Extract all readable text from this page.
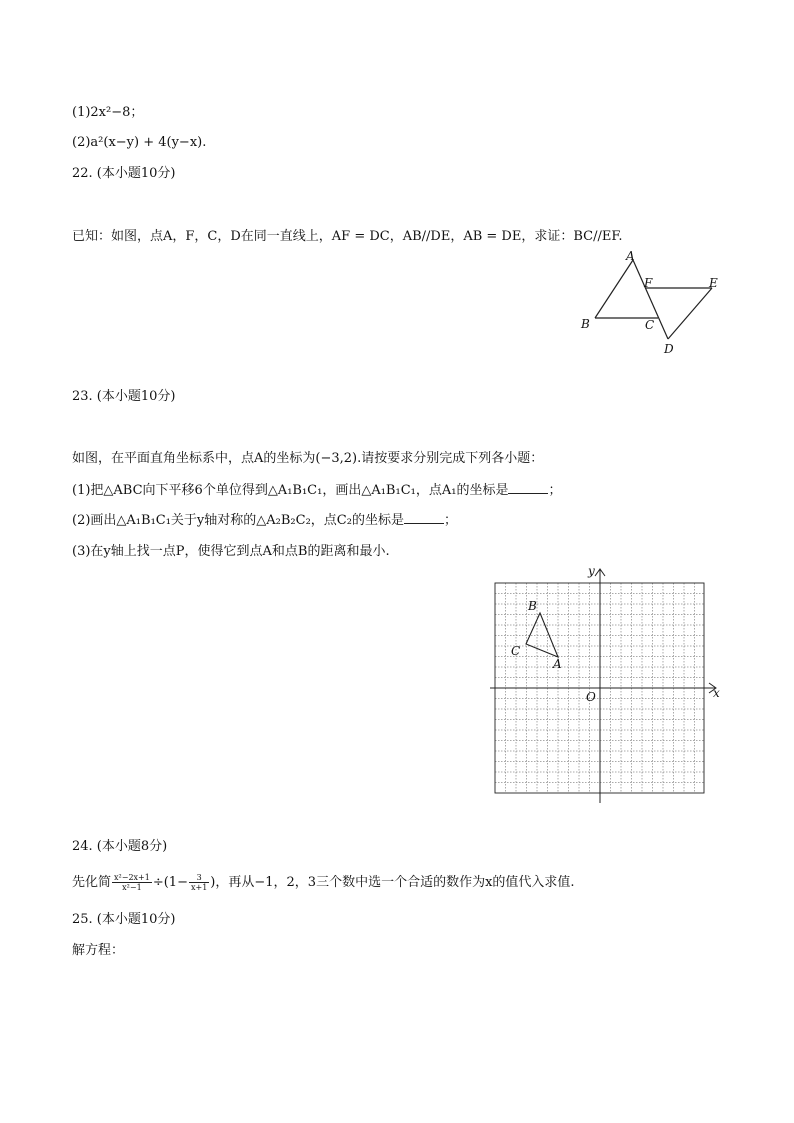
(1)2x²−8；
(2)a²(x−y) + 4(y−x).
22. (本小题10分)
已知：如图，点A，F，C，D在同一直线上，AF = DC，AB//DE，AB = DE，求证：BC//EF.
A
B	C
D
E
F
23. (本小题10分)
如图，在平面直角坐标系中，点A的坐标为(−3,2).请按要求分别完成下列各小题：
(1)把△ABC向下平移6个单位得到△A₁B₁C₁，画出△A₁B₁C₁，点A₁的坐标是	；
(2)画出△A₁B₁C₁关于y轴对称的△A₂B₂C₂，点C₂的坐标是	；
(3)在y轴上找一点P，使得它到点A和点B的距离和最小.
x
y
O
B
C
A
24. (本小题8分)
先化简 $\frac{\text{x²−2x+1}}{\text{x²−1}} \div(1- \frac{3}{x+1}$ )，再从−1，2，3三个数中选一个合适的数作为x的值代入求值.
25. (本小题10分)
解方程：
